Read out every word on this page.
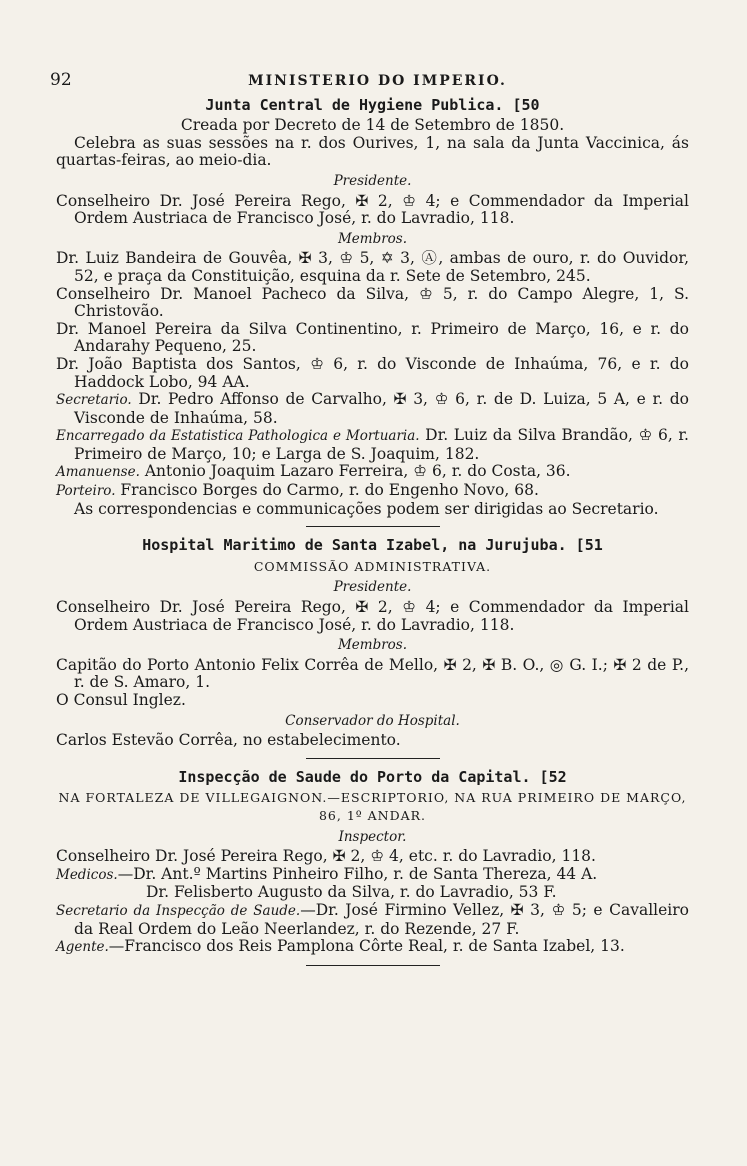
92	MINISTERIO DO IMPERIO.
Junta Central de Hygiene Publica. [50
Creada por Decreto de 14 de Setembro de 1850.

Celebra as suas sessões na r. dos Ourives, 1, na sala da Junta Vaccinica, ás quartas-feiras, ao meio-dia.

Presidente.

Conselheiro Dr. José Pereira Rego, ✠ 2, ♔ 4; e Commendador da Imperial Ordem Austriaca de Francisco José, r. do Lavradio, 118.

Membros.

Dr. Luiz Bandeira de Gouvêa, ✠ 3, ♔ 5, ✡ 3, Ⓐ, ambas de ouro, r. do Ouvidor, 52, e praça da Constituição, esquina da r. Sete de Setembro, 245.

Conselheiro Dr. Manoel Pacheco da Silva, ♔ 5, r. do Campo Alegre, 1, S. Christovão.

Dr. Manoel Pereira da Silva Continentino, r. Primeiro de Março, 16, e r. do Andarahy Pequeno, 25.

Dr. João Baptista dos Santos, ♔ 6, r. do Visconde de Inhaúma, 76, e r. do Haddock Lobo, 94 AA.

Secretario. Dr. Pedro Affonso de Carvalho, ✠ 3, ♔ 6, r. de D. Luiza, 5 A, e r. do Visconde de Inhaúma, 58.

Encarregado da Estatistica Pathologica e Mortuaria. Dr. Luiz da Silva Brandão, ♔ 6, r. Primeiro de Março, 10; e Larga de S. Joaquim, 182.

Amanuense. Antonio Joaquim Lazaro Ferreira, ♔ 6, r. do Costa, 36.

Porteiro. Francisco Borges do Carmo, r. do Engenho Novo, 68.

As correspondencias e communicações podem ser dirigidas ao Secretario.

Hospital Maritimo de Santa Izabel, na Jurujuba. [51
COMMISSÃO ADMINISTRATIVA.
Presidente.

Conselheiro Dr. José Pereira Rego, ✠ 2, ♔ 4; e Commendador da Imperial Ordem Austriaca de Francisco José, r. do Lavradio, 118.

Membros.

Capitão do Porto Antonio Felix Corrêa de Mello, ✠ 2, ✠ B. O., ◎ G. I.; ✠ 2 de P., r. de S. Amaro, 1.

O Consul Inglez.

Conservador do Hospital.

Carlos Estevão Corrêa, no estabelecimento.

Inspecção de Saude do Porto da Capital. [52
NA FORTALEZA DE VILLEGAIGNON.—ESCRIPTORIO, NA RUA PRIMEIRO DE MARÇO, 86, 1º ANDAR.
Inspector.

Conselheiro Dr. José Pereira Rego, ✠ 2, ♔ 4, etc. r. do Lavradio, 118.

Medicos.—Dr. Ant.º Martins Pinheiro Filho, r. de Santa Thereza, 44 A.

Dr. Felisberto Augusto da Silva, r. do Lavradio, 53 F.

Secretario da Inspecção de Saude.—Dr. José Firmino Vellez, ✠ 3, ♔ 5; e Cavalleiro da Real Ordem do Leão Neerlandez, r. do Rezende, 27 F.

Agente.—Francisco dos Reis Pamplona Côrte Real, r. de Santa Izabel, 13.
